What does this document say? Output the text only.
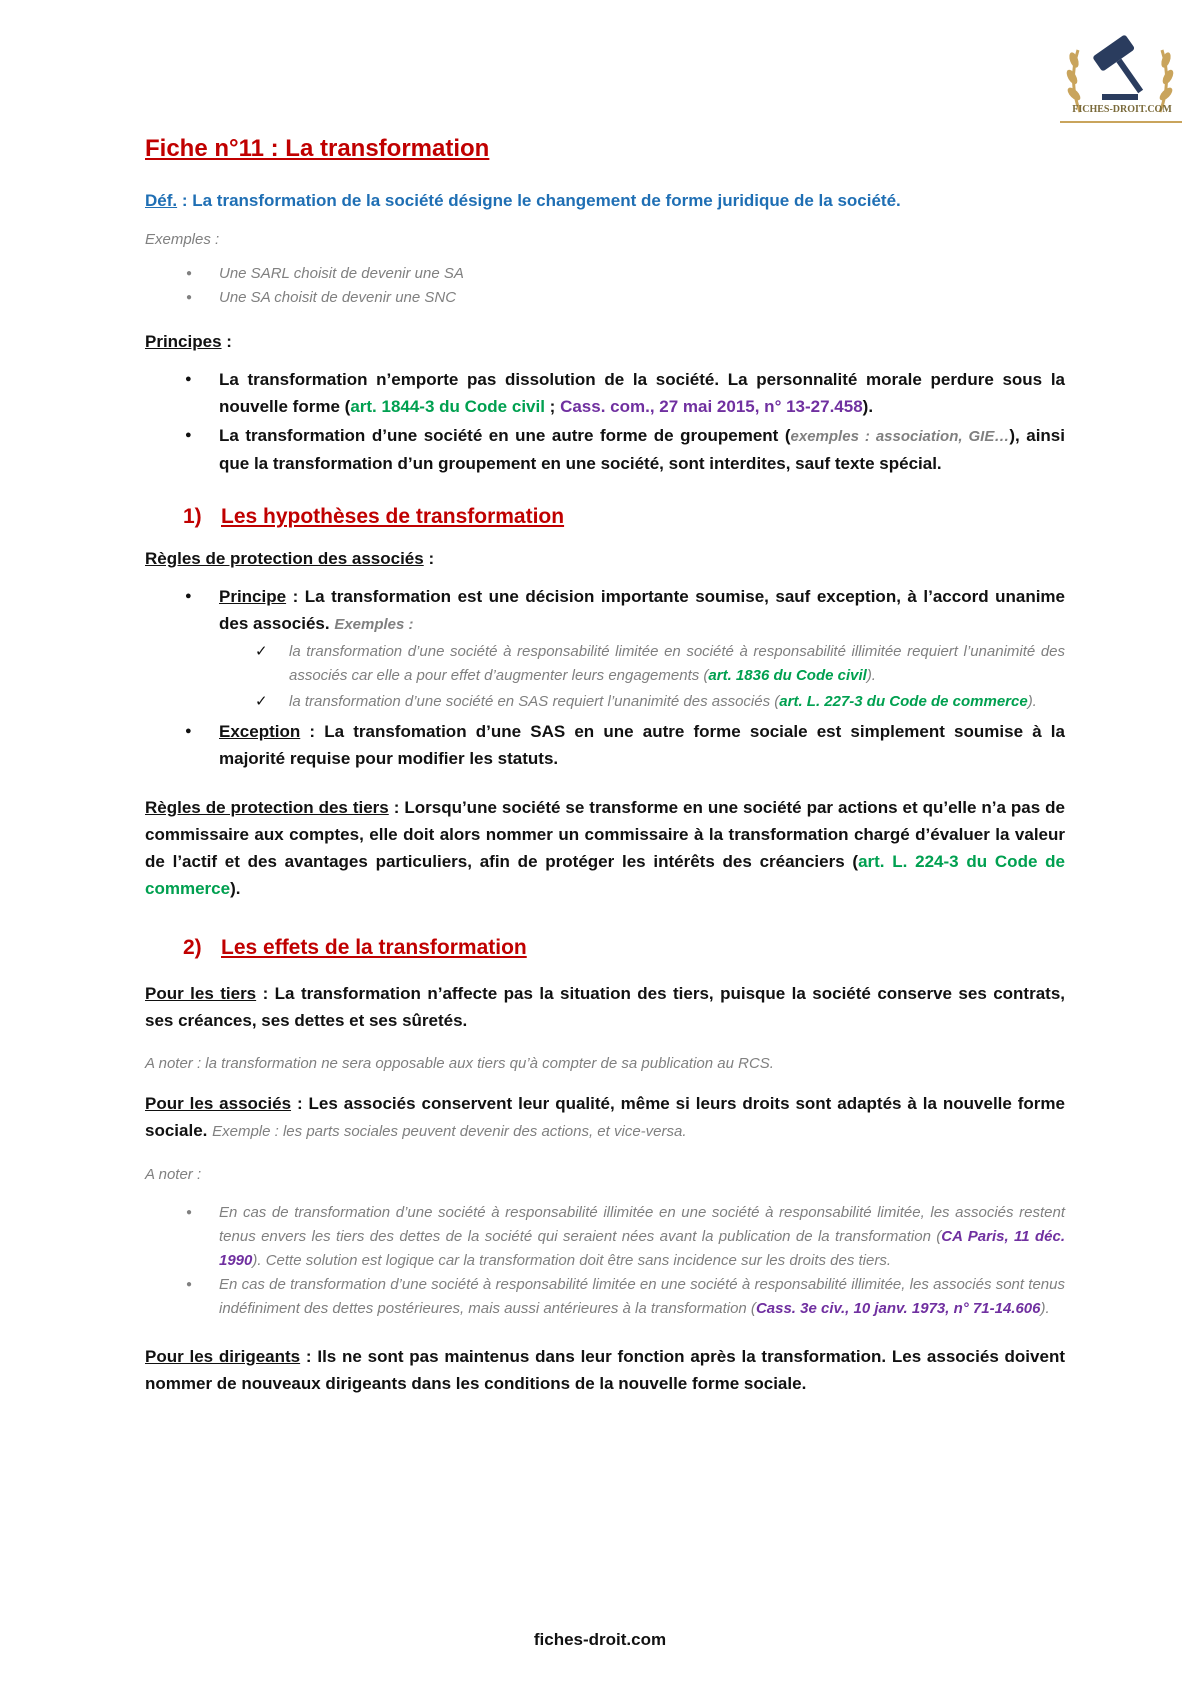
FICHES-DROIT.COM
Fiche n°11 : La transformation

Déf. : La transformation de la société désigne le changement de forme juridique de la société.

Exemples :

● Une SARL choisit de devenir une SA
● Une SA choisit de devenir une SNC

Principes :

● La transformation n’emporte pas dissolution de la société. La personnalité morale perdure sous la nouvelle forme (art. 1844-3 du Code civil ; Cass. com., 27 mai 2015, n° 13-27.458).
● La transformation d’une société en une autre forme de groupement (exemples : association, GIE…), ainsi que la transformation d’un groupement en une société, sont interdites, sauf texte spécial.
1) Les hypothèses de transformation

Règles de protection des associés :

● Principe : La transformation est une décision importante soumise, sauf exception, à l’accord unanime des associés. Exemples :
✓ la transformation d’une société à responsabilité limitée en société à responsabilité illimitée requiert l’unanimité des associés car elle a pour effet d’augmenter leurs engagements (art. 1836 du Code civil).
✓ la transformation d’une société en SAS requiert l’unanimité des associés (art. L. 227-3 du Code de commerce).
● Exception : La transfomation d’une SAS en une autre forme sociale est simplement soumise à la majorité requise pour modifier les statuts.

Règles de protection des tiers : Lorsqu’une société se transforme en une société par actions et qu’elle n’a pas de commissaire aux comptes, elle doit alors nommer un commissaire à la transformation chargé d’évaluer la valeur de l’actif et des avantages particuliers, afin de protéger les intérêts des créanciers (art. L. 224-3 du Code de commerce).

2) Les effets de la transformation

Pour les tiers : La transformation n’affecte pas la situation des tiers, puisque la société conserve ses contrats, ses créances, ses dettes et ses sûretés.

A noter : la transformation ne sera opposable aux tiers qu’à compter de sa publication au RCS.

Pour les associés : Les associés conservent leur qualité, même si leurs droits sont adaptés à la nouvelle forme sociale. Exemple : les parts sociales peuvent devenir des actions, et vice-versa.

A noter :

● En cas de transformation d’une société à responsabilité illimitée en une société à responsabilité limitée, les associés restent tenus envers les tiers des dettes de la société qui seraient nées avant la publication de la transformation (CA Paris, 11 déc. 1990). Cette solution est logique car la transformation doit être sans incidence sur les droits des tiers.
● En cas de transformation d’une société à responsabilité limitée en une société à responsabilité illimitée, les associés sont tenus indéfiniment des dettes postérieures, mais aussi antérieures à la transformation (Cass. 3e civ., 10 janv. 1973, n° 71-14.606).

Pour les dirigeants : Ils ne sont pas maintenus dans leur fonction après la transformation. Les associés doivent nommer de nouveaux dirigeants dans les conditions de la nouvelle forme sociale.

fiches-droit.com
